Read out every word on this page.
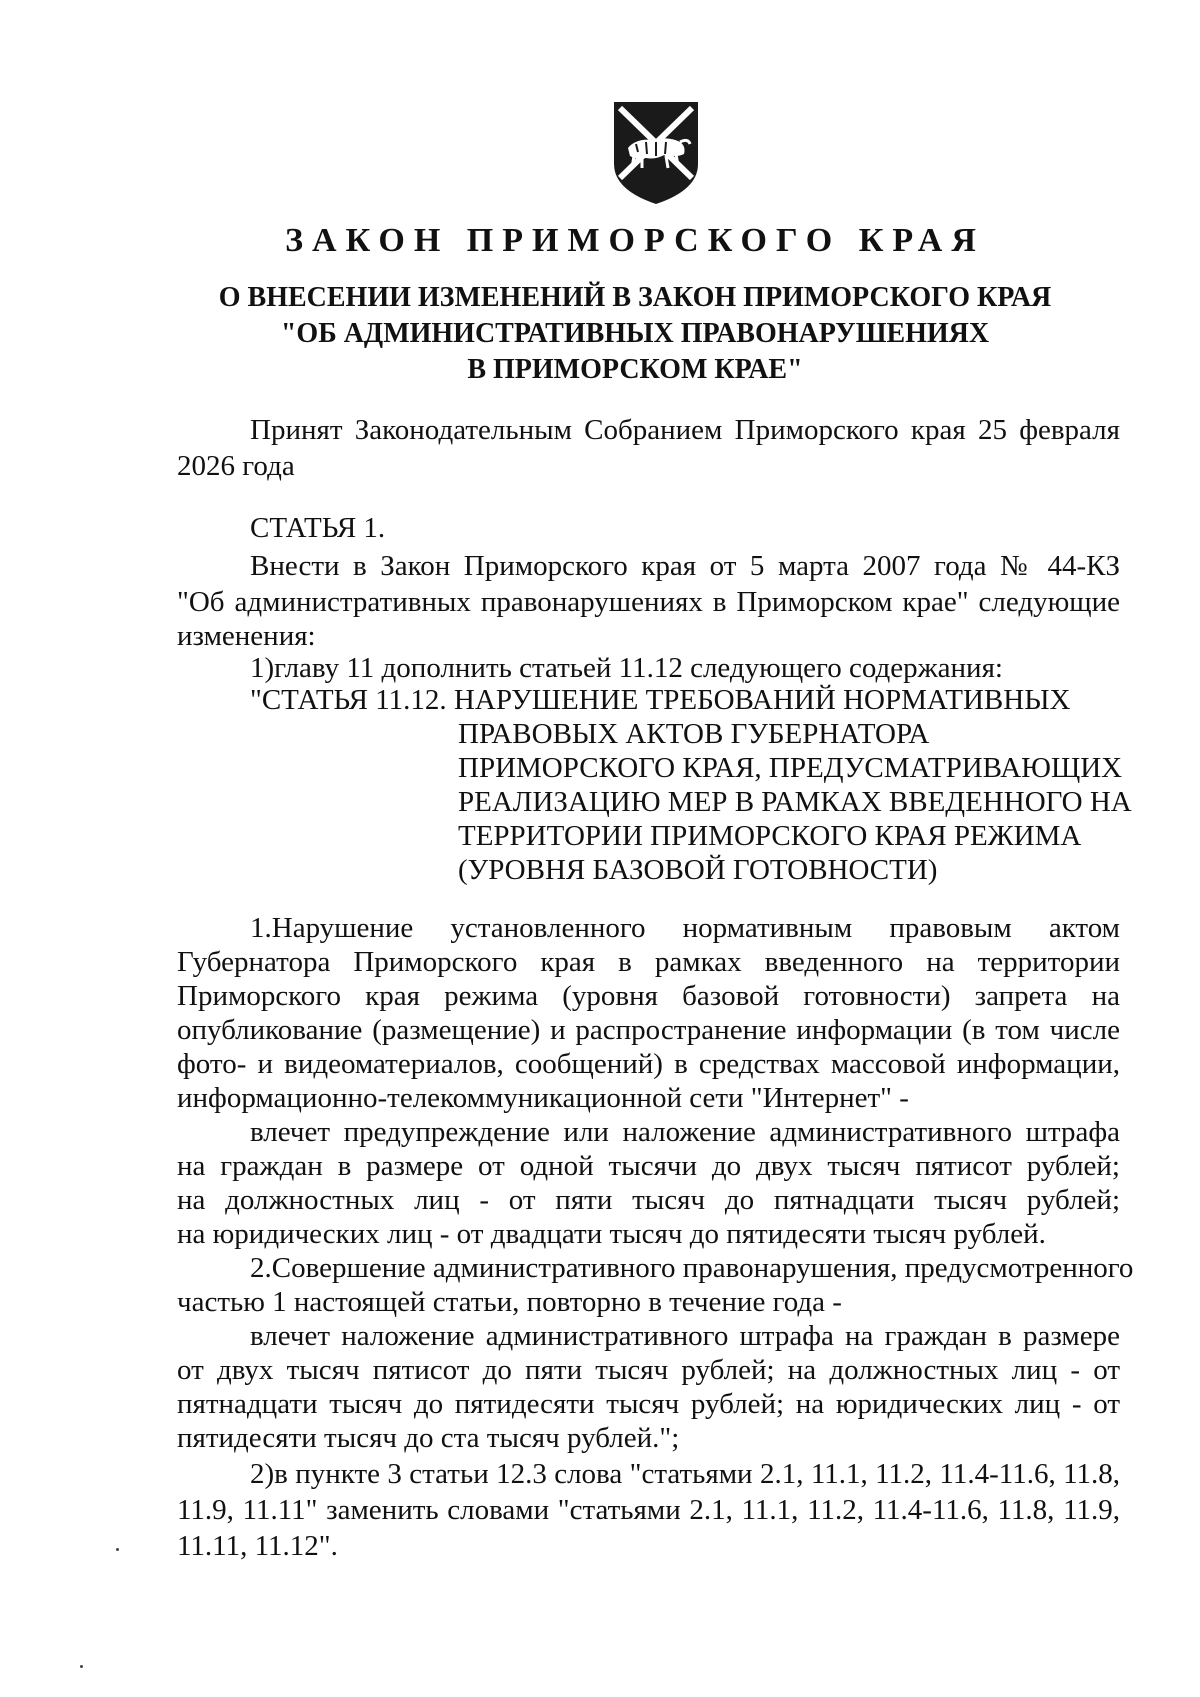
ЗАКОН ПРИМОРСКОГО КРАЯ
О ВНЕСЕНИИ ИЗМЕНЕНИЙ В ЗАКОН ПРИМОРСКОГО КРАЯ
"ОБ АДМИНИСТРАТИВНЫХ ПРАВОНАРУШЕНИЯХ
В ПРИМОРСКОМ КРАЕ"
Принят Законодательным Собранием Приморского края 25 февраля
2026 года
СТАТЬЯ 1.
Внести в Закон Приморского края от 5 марта 2007 года № 44-КЗ
"Об административных правонарушениях в Приморском крае" следующие
изменения:
1)главу 11 дополнить статьей 11.12 следующего содержания:
"СТАТЬЯ 11.12. НАРУШЕНИЕ ТРЕБОВАНИЙ НОРМАТИВНЫХ
ПРАВОВЫХ АКТОВ ГУБЕРНАТОРА
ПРИМОРСКОГО КРАЯ, ПРЕДУСМАТРИВАЮЩИХ
РЕАЛИЗАЦИЮ МЕР В РАМКАХ ВВЕДЕННОГО НА
ТЕРРИТОРИИ ПРИМОРСКОГО КРАЯ РЕЖИМА
(УРОВНЯ БАЗОВОЙ ГОТОВНОСТИ)
1.Нарушение установленного нормативным правовым актом
Губернатора Приморского края в рамках введенного на территории
Приморского края режима (уровня базовой готовности) запрета на
опубликование (размещение) и распространение информации (в том числе
фото- и видеоматериалов, сообщений) в средствах массовой информации,
информационно-телекоммуникационной сети "Интернет" -
влечет предупреждение или наложение административного штрафа
на граждан в размере от одной тысячи до двух тысяч пятисот рублей;
на должностных лиц - от пяти тысяч до пятнадцати тысяч рублей;
на юридических лиц - от двадцати тысяч до пятидесяти тысяч рублей.
2.Совершение административного правонарушения, предусмотренного
частью 1 настоящей статьи, повторно в течение года -
влечет наложение административного штрафа на граждан в размере
от двух тысяч пятисот до пяти тысяч рублей; на должностных лиц - от
пятнадцати тысяч до пятидесяти тысяч рублей; на юридических лиц - от
пятидесяти тысяч до ста тысяч рублей.";
2)в пункте 3 статьи 12.3 слова "статьями 2.1, 11.1, 11.2, 11.4-11.6, 11.8,
11.9, 11.11" заменить словами "статьями 2.1, 11.1, 11.2, 11.4-11.6, 11.8, 11.9,
11.11, 11.12".
